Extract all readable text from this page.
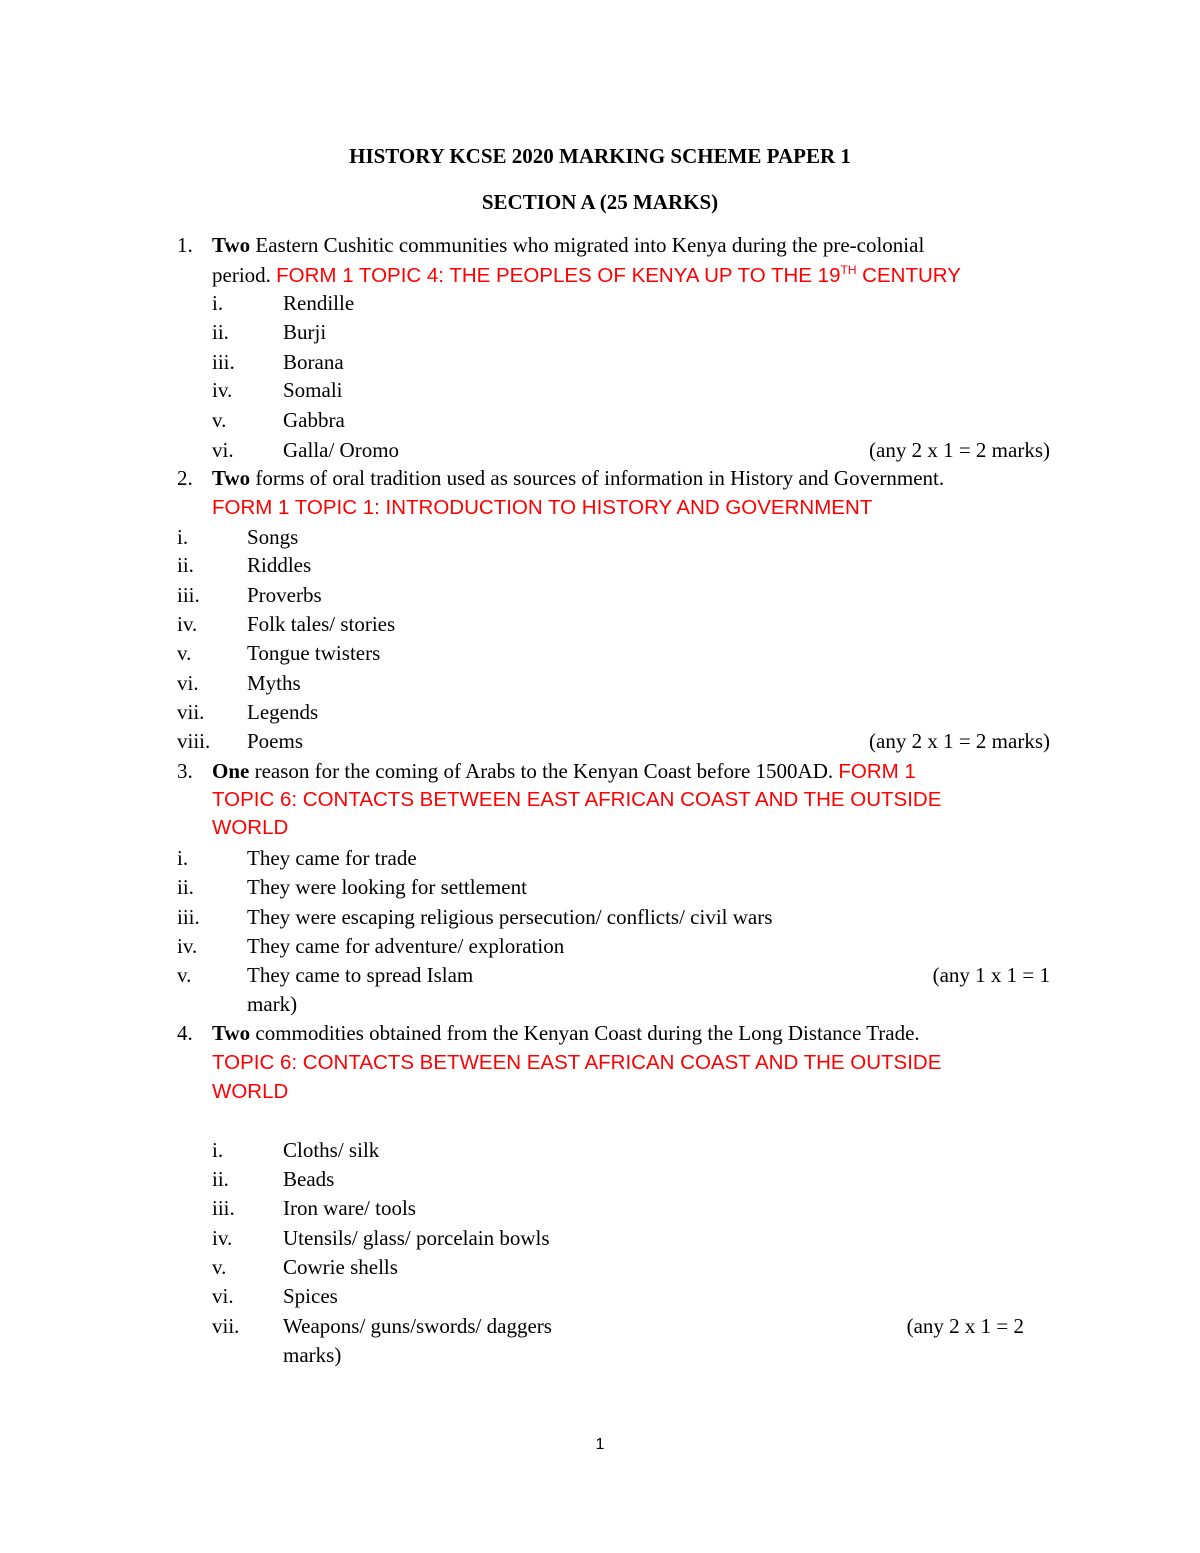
HISTORY KCSE 2020 MARKING SCHEME PAPER 1
SECTION A (25 MARKS)
1. Two Eastern Cushitic communities who migrated into Kenya during the pre-colonial
period. FORM 1 TOPIC 4: THE PEOPLES OF KENYA UP TO THE 19TH CENTURY
i.	Rendille
ii.	Burji
iii. Borana
iv. Somali
v.	Gabbra
vi. Galla/ Oromo	(any 2 x 1 = 2 marks)
2. Two forms of oral tradition used as sources of information in History and Government.
FORM 1 TOPIC 1: INTRODUCTION TO HISTORY AND GOVERNMENT
i.	Songs
ii.	Riddles
iii. Proverbs
iv. Folk tales/ stories
v.	Tongue twisters
vi. Myths
vii. Legends
viii. Poems	(any 2 x 1 = 2 marks)
3. One reason for the coming of Arabs to the Kenyan Coast before 1500AD. FORM 1
TOPIC 6: CONTACTS BETWEEN EAST AFRICAN COAST AND THE OUTSIDE
WORLD
i.	They came for trade
ii.	They were looking for settlement
iii. They were escaping religious persecution/ conflicts/ civil wars
iv. They came for adventure/ exploration
v.	They came to spread Islam	(any 1 x 1 = 1
mark)
4. Two commodities obtained from the Kenyan Coast during the Long Distance Trade.
TOPIC 6: CONTACTS BETWEEN EAST AFRICAN COAST AND THE OUTSIDE
WORLD
i.	Cloths/ silk
ii.	Beads
iii. Iron ware/ tools
iv. Utensils/ glass/ porcelain bowls
v.	Cowrie shells
vi. Spices
vii. Weapons/ guns/swords/ daggers	(any 2 x 1 = 2
marks)
1
